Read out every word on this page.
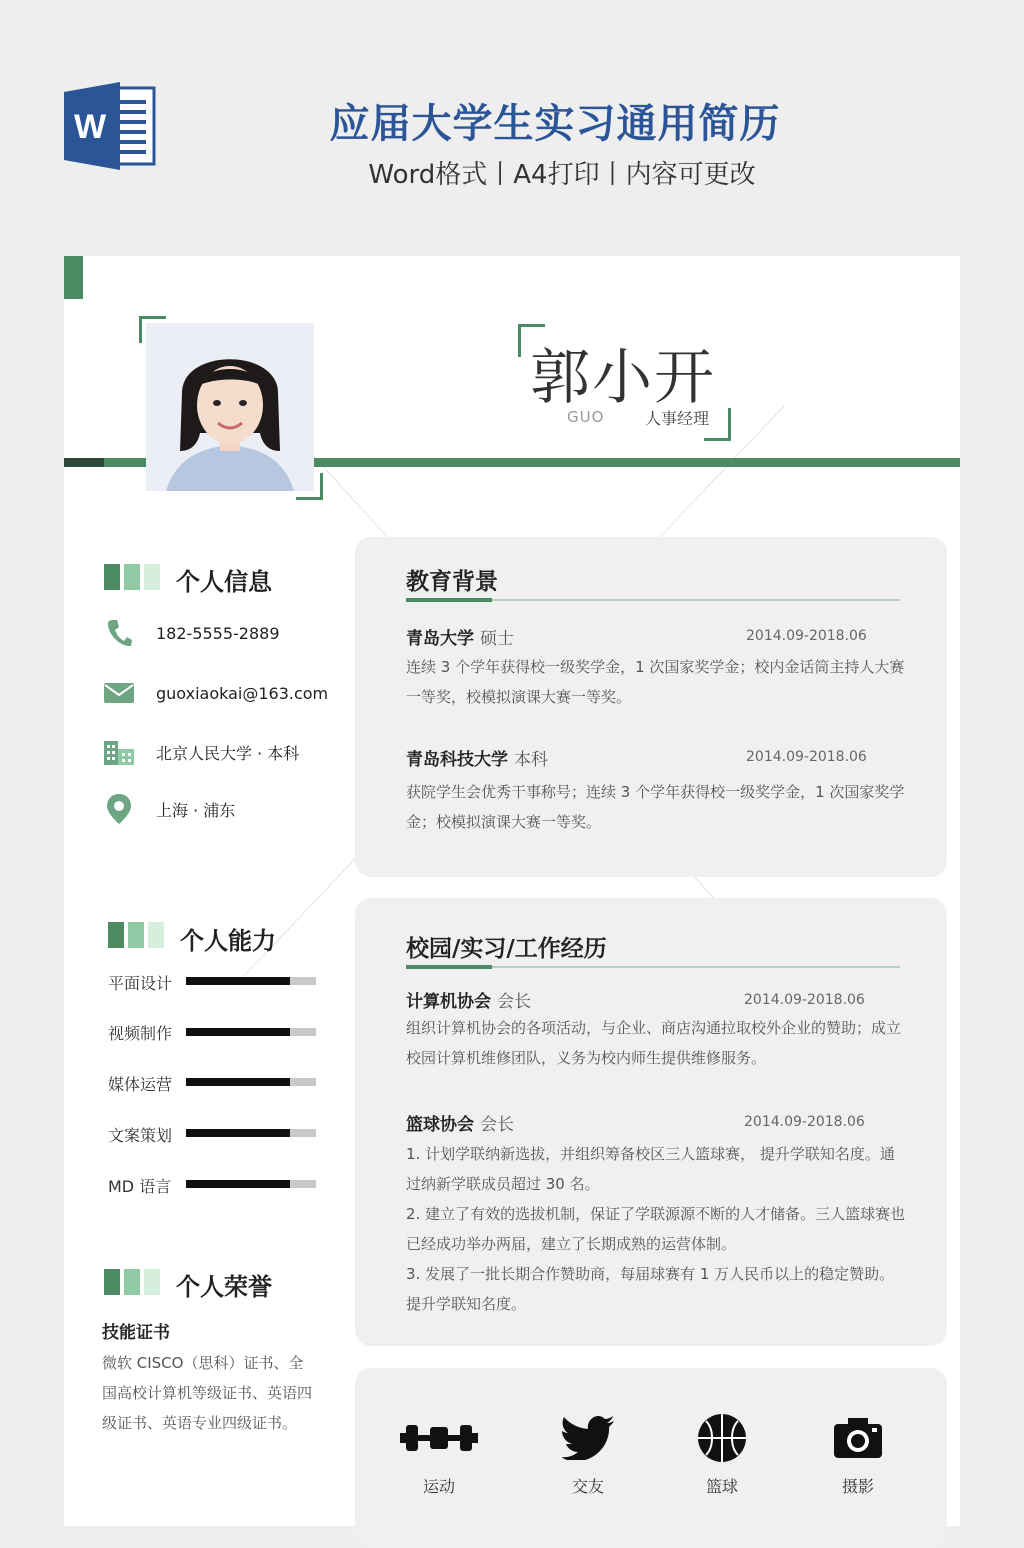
W	应届大学生实习通用简历
Word格式丨A4打印丨内容可更改
郭小开
GUO	人事经理
个人信息
182-5555-2889
guoxiaokai@163.com
北京人民大学 · 本科
上海 · 浦东
个人能力
平面设计
视频制作
媒体运营
文案策划
MD 语言
个人荣誉
技能证书
微软 CISCO（思科）证书、全国高校计算机等级证书、英语四级证书、英语专业四级证书。
教育背景
青岛大学 硕士	2014.09-2018.06
连续 3 个学年获得校一级奖学金，1 次国家奖学金；校内金话筒主持人大赛一等奖，校模拟演课大赛一等奖。
青岛科技大学 本科	2014.09-2018.06
获院学生会优秀干事称号；连续 3 个学年获得校一级奖学金，1 次国家奖学金；校模拟演课大赛一等奖。
校园/实习/工作经历
计算机协会 会长	2014.09-2018.06
组织计算机协会的各项活动，与企业、商店沟通拉取校外企业的赞助；成立校园计算机维修团队，义务为校内师生提供维修服务。
篮球协会 会长	2014.09-2018.06
1. 计划学联纳新选拔，并组织筹备校区三人篮球赛， 提升学联知名度。通过纳新学联成员超过 30 名。
2. 建立了有效的选拔机制，保证了学联源源不断的人才储备。三人篮球赛也已经成功举办两届，建立了长期成熟的运营体制。
3. 发展了一批长期合作赞助商，每届球赛有 1 万人民币以上的稳定赞助。提升学联知名度。
运动	交友	篮球	摄影
